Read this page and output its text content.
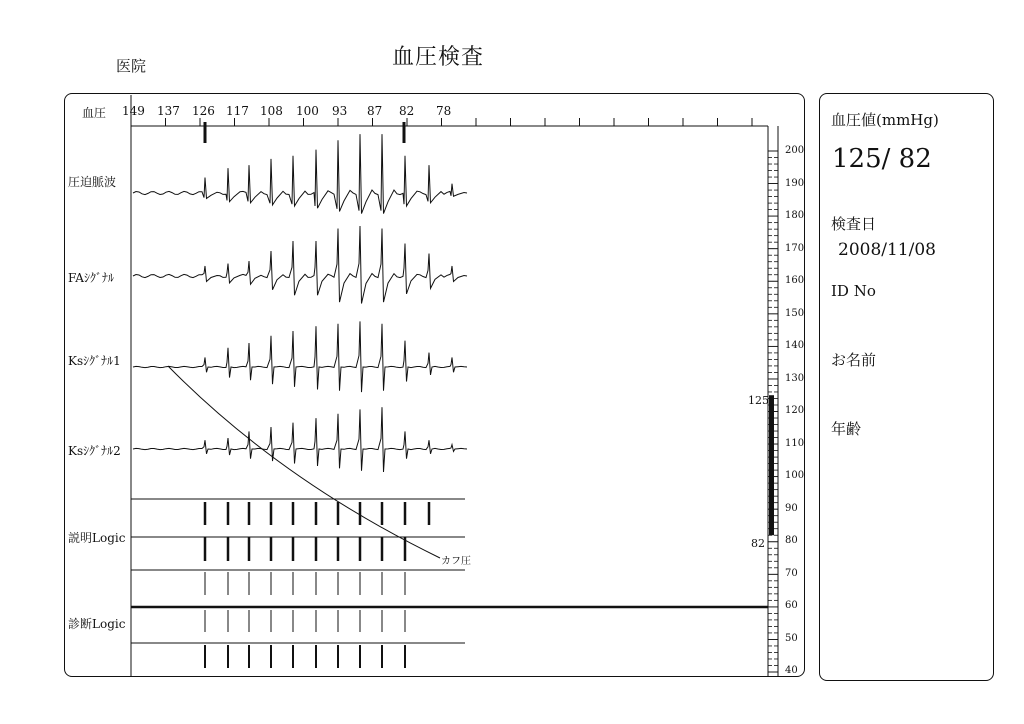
医院	血圧検査
血圧
圧迫脈波
FAｼｸﾞﾅﾙ
Ksｼｸﾞﾅﾙ1
Ksｼｸﾞﾅﾙ2
説明Logic
診断Logic
149 137 126 117 108 100 93 87 82 78
カフ圧
200
190
180
170
160
150
140
130
120
110
100
90
80
70
60
50
40
125
82
血圧値(mmHg)
125/ 82
検査日
2008/11/08
ID No
お名前
年齢
